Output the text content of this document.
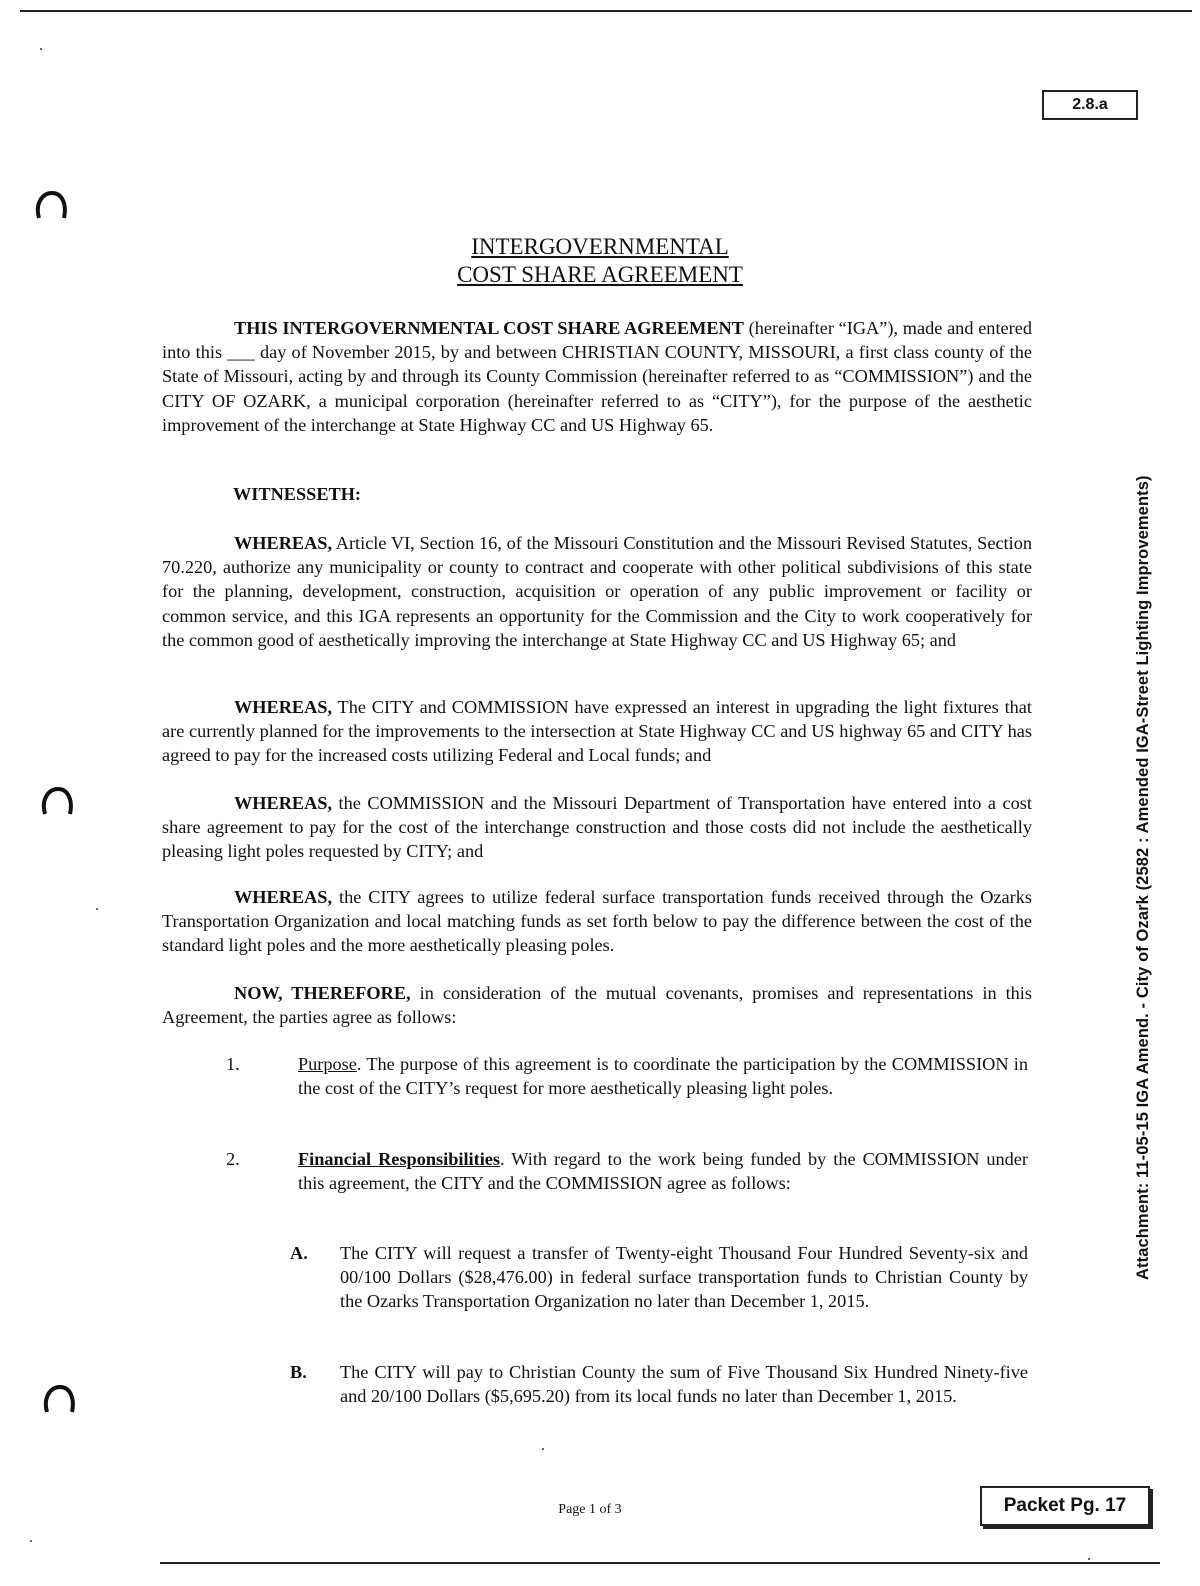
2.8.a
Attachment: 11-05-15 IGA Amend. - City of Ozark (2582 : Amended IGA-Street Lighting Improvements)
INTERGOVERNMENTAL
COST SHARE AGREEMENT
THIS INTERGOVERNMENTAL COST SHARE AGREEMENT (hereinafter “IGA”), made and entered into this ___ day of November 2015, by and between CHRISTIAN COUNTY, MISSOURI, a first class county of the State of Missouri, acting by and through its County Commission (hereinafter referred to as “COMMISSION”) and the CITY OF OZARK, a municipal corporation (hereinafter referred to as “CITY”), for the purpose of the aesthetic improvement of the interchange at State Highway CC and US Highway 65.
WITNESSETH:
WHEREAS, Article VI, Section 16, of the Missouri Constitution and the Missouri Revised Statutes, Section 70.220, authorize any municipality or county to contract and cooperate with other political subdivisions of this state for the planning, development, construction, acquisition or operation of any public improvement or facility or common service, and this IGA represents an opportunity for the Commission and the City to work cooperatively for the common good of aesthetically improving the interchange at State Highway CC and US Highway 65; and
WHEREAS, The CITY and COMMISSION have expressed an interest in upgrading the light fixtures that are currently planned for the improvements to the intersection at State Highway CC and US highway 65 and CITY has agreed to pay for the increased costs utilizing Federal and Local funds; and
WHEREAS, the COMMISSION and the Missouri Department of Transportation have entered into a cost share agreement to pay for the cost of the interchange construction and those costs did not include the aesthetically pleasing light poles requested by CITY; and
WHEREAS, the CITY agrees to utilize federal surface transportation funds received through the Ozarks Transportation Organization and local matching funds as set forth below to pay the difference between the cost of the standard light poles and the more aesthetically pleasing poles.
NOW, THEREFORE, in consideration of the mutual covenants, promises and representations in this Agreement, the parties agree as follows:
1.	Purpose. The purpose of this agreement is to coordinate the participation by the COMMISSION in the cost of the CITY’s request for more aesthetically pleasing light poles.
2.	Financial Responsibilities. With regard to the work being funded by the COMMISSION under this agreement, the CITY and the COMMISSION agree as follows:
A. The CITY will request a transfer of Twenty-eight Thousand Four Hundred Seventy-six and 00/100 Dollars ($28,476.00) in federal surface transportation funds to Christian County by the Ozarks Transportation Organization no later than December 1, 2015.
B. The CITY will pay to Christian County the sum of Five Thousand Six Hundred Ninety-five and 20/100 Dollars ($5,695.20) from its local funds no later than December 1, 2015.
Page 1 of 3	Packet Pg. 17
